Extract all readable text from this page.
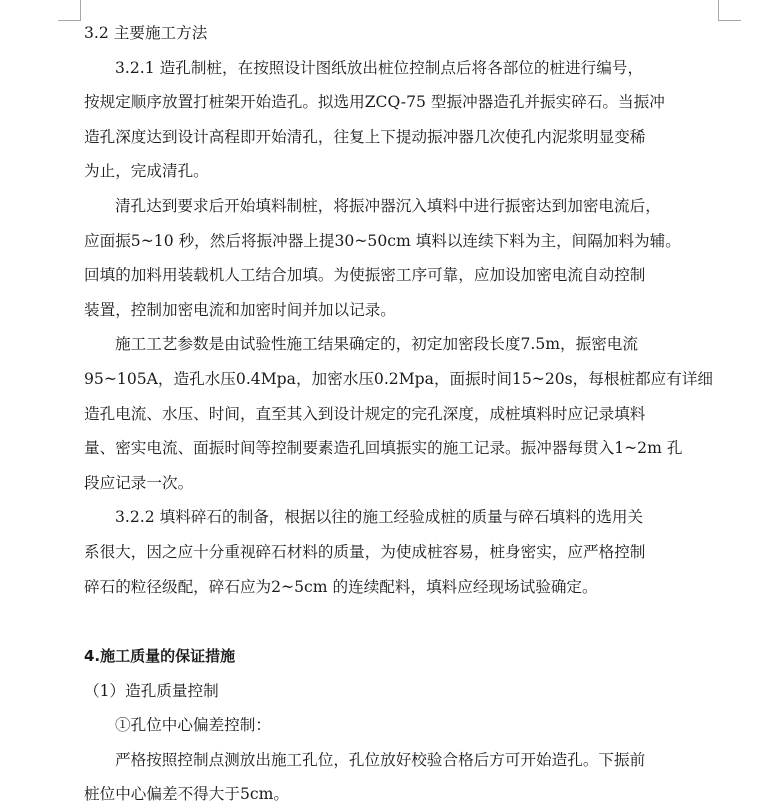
3.2 主要施工方法

3.2.1 造孔制桩，在按照设计图纸放出桩位控制点后将各部位的桩进行编号，

按规定顺序放置打桩架开始造孔。拟选用ZCQ-75 型振冲器造孔并振实碎石。当振冲

造孔深度达到设计高程即开始清孔，往复上下提动振冲器几次使孔内泥浆明显变稀

为止，完成清孔。

清孔达到要求后开始填料制桩，将振冲器沉入填料中进行振密达到加密电流后，

应面振5~10 秒，然后将振冲器上提30~50cm 填料以连续下料为主，间隔加料为辅。

回填的加料用装载机人工结合加填。为使振密工序可靠，应加设加密电流自动控制

装置，控制加密电流和加密时间并加以记录。

施工工艺参数是由试验性施工结果确定的，初定加密段长度7.5m，振密电流

95~105A，造孔水压0.4Mpa，加密水压0.2Mpa，面振时间15~20s，每根桩都应有详细

造孔电流、水压、时间，直至其入到设计规定的完孔深度，成桩填料时应记录填料

量、密实电流、面振时间等控制要素造孔回填振实的施工记录。振冲器每贯入1~2m 孔

段应记录一次。

3.2.2 填料碎石的制备，根据以往的施工经验成桩的质量与碎石填料的选用关

系很大，因之应十分重视碎石材料的质量，为使成桩容易，桩身密实，应严格控制

碎石的粒径级配，碎石应为2~5cm 的连续配料，填料应经现场试验确定。

4.施工质量的保证措施

（1）造孔质量控制

①孔位中心偏差控制：

严格按照控制点测放出施工孔位，孔位放好校验合格后方可开始造孔。下振前

桩位中心偏差不得大于5cm。
